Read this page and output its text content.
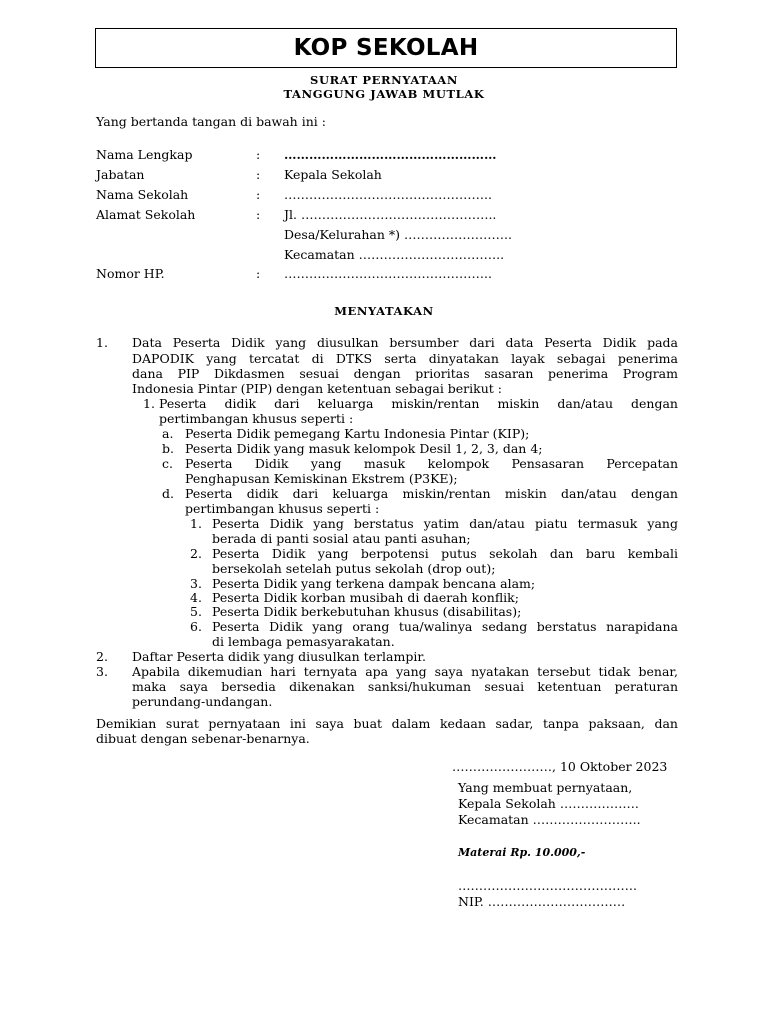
KOP SEKOLAH
SURAT PERNYATAAN
TANGGUNG JAWAB MUTLAK
Yang bertanda tangan di bawah ini :
Nama Lengkap	: ……………………………………………
Jabatan	: Kepala Sekolah
Nama Sekolah	: …………………………………………..
Alamat Sekolah	: Jl. ………………………………………..
Desa/Kelurahan *) ……………………..
Kecamatan ……………………………..
Nomor HP.	: …………………………………………..
MENYATAKAN
1. Data Peserta Didik yang diusulkan bersumber dari data Peserta Didik pada
DAPODIK yang tercatat di DTKS serta dinyatakan layak sebagai penerima
dana PIP Dikdasmen sesuai dengan prioritas sasaran penerima Program
Indonesia Pintar (PIP) dengan ketentuan sebagai berikut :
1. Peserta didik dari keluarga miskin/rentan miskin dan/atau dengan
pertimbangan khusus seperti :
a. Peserta Didik pemegang Kartu Indonesia Pintar (KIP);
b. Peserta Didik yang masuk kelompok Desil 1, 2, 3, dan 4;
c. Peserta Didik yang masuk kelompok Pensasaran Percepatan
Penghapusan Kemiskinan Ekstrem (P3KE);
d. Peserta didik dari keluarga miskin/rentan miskin dan/atau dengan
pertimbangan khusus seperti :
1. Peserta Didik yang berstatus yatim dan/atau piatu termasuk yang
berada di panti sosial atau panti asuhan;
2. Peserta Didik yang berpotensi putus sekolah dan baru kembali
bersekolah setelah putus sekolah (drop out);
3. Peserta Didik yang terkena dampak bencana alam;
4. Peserta Didik korban musibah di daerah konflik;
5. Peserta Didik berkebutuhan khusus (disabilitas);
6. Peserta Didik yang orang tua/walinya sedang berstatus narapidana
di lembaga pemasyarakatan.
2. Daftar Peserta didik yang diusulkan terlampir.
3. Apabila dikemudian hari ternyata apa yang saya nyatakan tersebut tidak benar,
maka saya bersedia dikenakan sanksi/hukuman sesuai ketentuan peraturan
perundang-undangan.
Demikian surat pernyataan ini saya buat dalam kedaan sadar, tanpa paksaan, dan
dibuat dengan sebenar-benarnya.
……………………, 10 Oktober 2023
Yang membuat pernyataan,
Kepala Sekolah ……………….
Kecamatan ……………………..
Materai Rp. 10.000,-
…………………………………….
NIP. ……………………………
